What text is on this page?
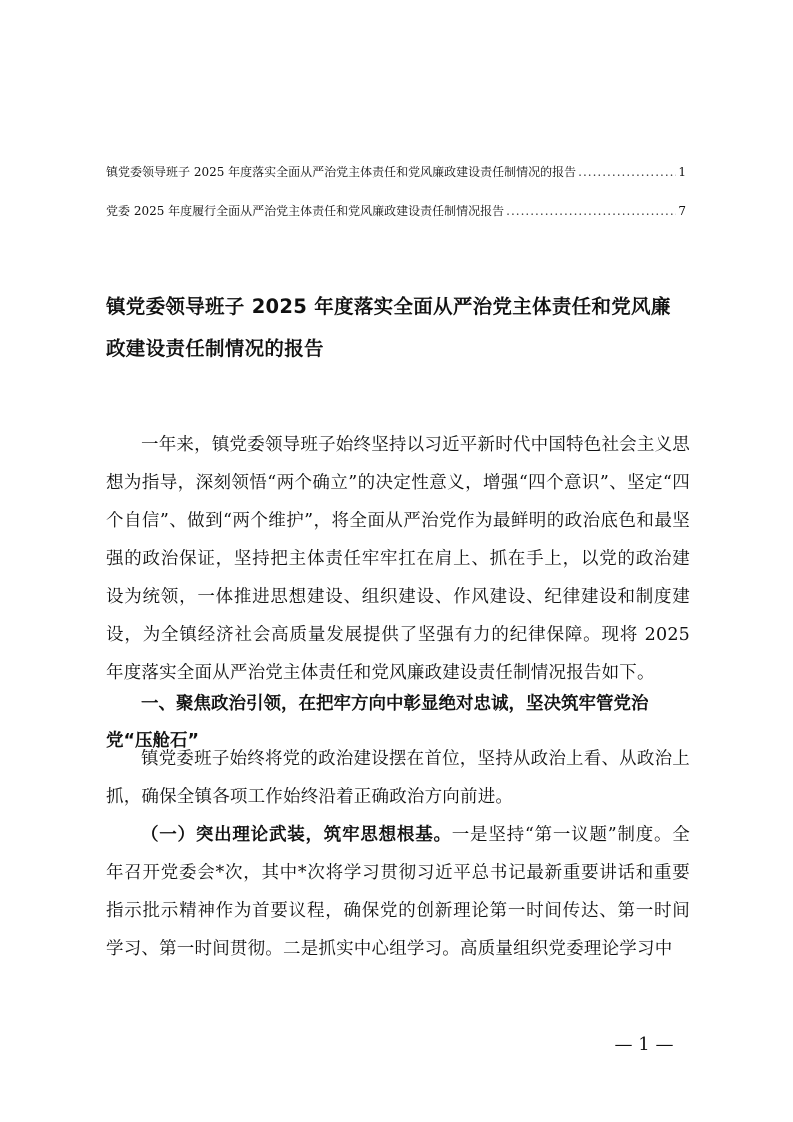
镇党委领导班子 2025 年度落实全面从严治党主体责任和党风廉政建设责任制情况的报告 .....	1
党委 2025 年度履行全面从严治党主体责任和党风廉政建设责任制情况报告 .....	7
镇党委领导班子 2025 年度落实全面从严治党主体责任和党风廉政建设责任制情况的报告

一年来，镇党委领导班子始终坚持以习近平新时代中国特色社会主义思想为指导，深刻领悟“两个确立”的决定性意义，增强“四个意识”、坚定“四个自信”、做到“两个维护”，将全面从严治党作为最鲜明的政治底色和最坚强的政治保证，坚持把主体责任牢牢扛在肩上、抓在手上，以党的政治建设为统领，一体推进思想建设、组织建设、作风建设、纪律建设和制度建设，为全镇经济社会高质量发展提供了坚强有力的纪律保障。现将 2025 年度落实全面从严治党主体责任和党风廉政建设责任制情况报告如下。

一、聚焦政治引领，在把牢方向中彰显绝对忠诚，坚决筑牢管党治党“压舱石”

镇党委班子始终将党的政治建设摆在首位，坚持从政治上看、从政治上抓，确保全镇各项工作始终沿着正确政治方向前进。

（一）突出理论武装，筑牢思想根基。一是坚持“第一议题”制度。全年召开党委会*次，其中*次将学习贯彻习近平总书记最新重要讲话和重要指示批示精神作为首要议程，确保党的创新理论第一时间传达、第一时间学习、第一时间贯彻。二是抓实中心组学习。高质量组织党委理论学习中

— 1 —
